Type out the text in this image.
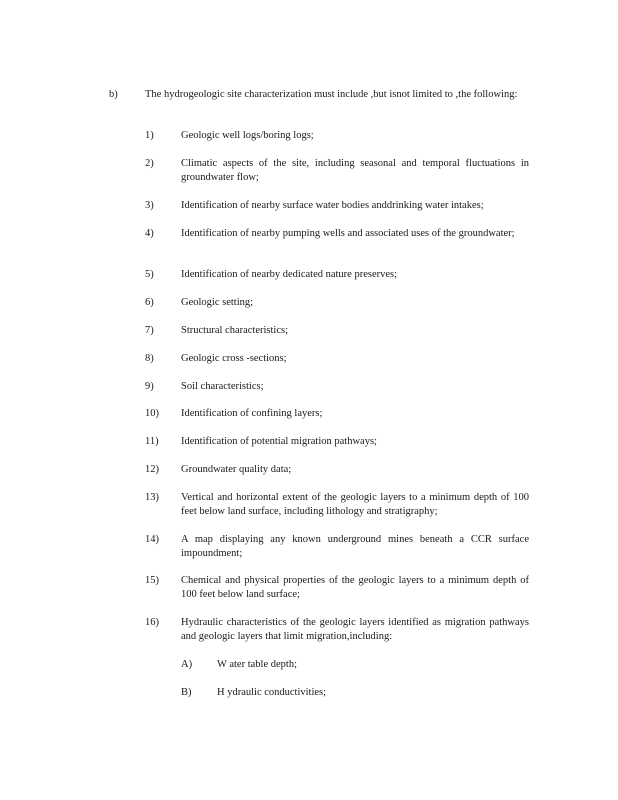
b)	The hydrogeologic site characterization must include ,but isnot limited to ,the following:
1)	Geologic well logs/boring logs;
2)	Climatic aspects of the site, including seasonal and temporal fluctuations in groundwater flow;
3)	Identification of nearby surface water bodies anddrinking water intakes;
4)	Identification of nearby pumping wells and associated uses of the groundwater;
5)	Identification of nearby dedicated nature preserves;
6)	Geologic setting;
7)	Structural characteristics;
8)	Geologic cross -sections;
9)	Soil characteristics;
10)	Identification of confining layers;
11)	Identification of potential migration pathways;
12)	Groundwater quality data;
13)	Vertical and horizontal extent of the geologic layers to a minimum depth of 100 feet below land surface, including lithology and stratigraphy;
14)	A map displaying any known underground mines beneath a CCR surface impoundment;
15)	Chemical and physical properties of the geologic layers to a minimum depth of 100 feet below land surface;
16)	Hydraulic characteristics of the geologic layers identified as migration pathways and geologic layers that limit migration,including:
A) W ater table depth;
B) H ydraulic conductivities;
